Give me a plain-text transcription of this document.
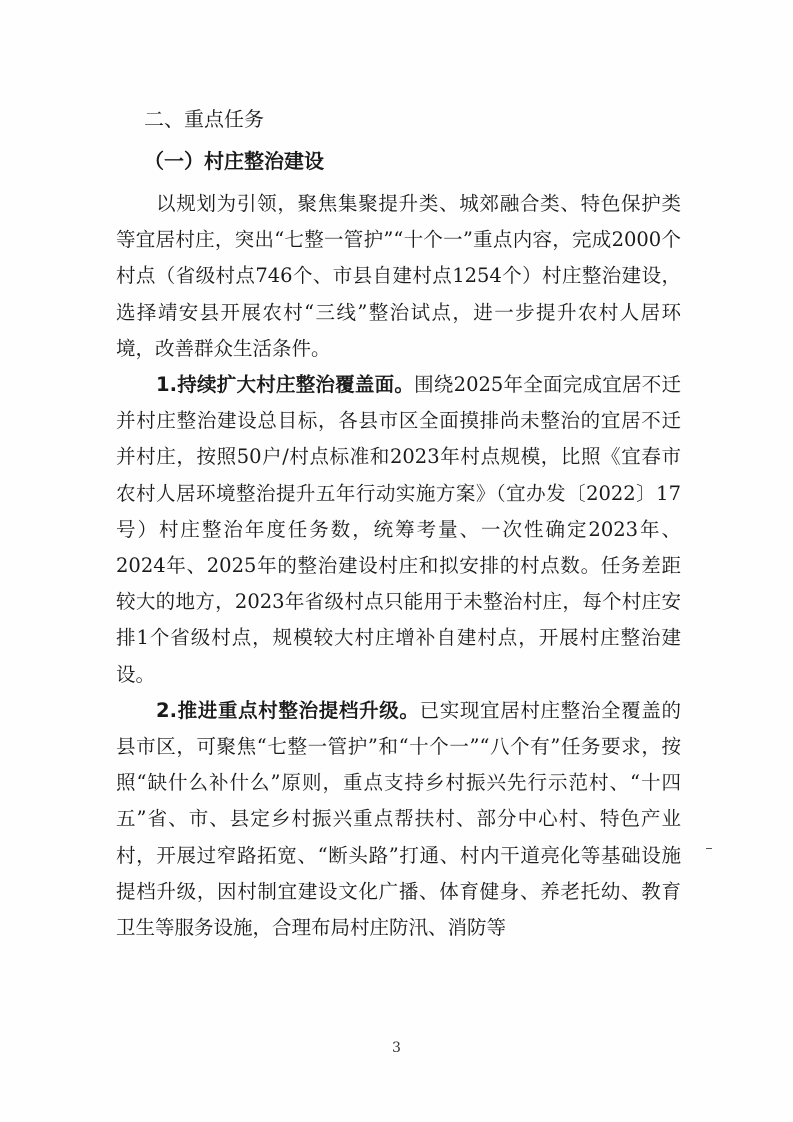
二、重点任务
（一）村庄整治建设

以规划为引领，聚焦集聚提升类、城郊融合类、特色保护类等宜居村庄，突出“七整一管护”“十个一”重点内容，完成2000个村点（省级村点746个、市县自建村点1254个）村庄整治建设，选择靖安县开展农村“三线”整治试点，进一步提升农村人居环境，改善群众生活条件。

1.持续扩大村庄整治覆盖面。围绕2025年全面完成宜居不迁并村庄整治建设总目标，各县市区全面摸排尚未整治的宜居不迁并村庄，按照50户/村点标准和2023年村点规模，比照《宜春市农村人居环境整治提升五年行动实施方案》（宜办发〔2022〕17号）村庄整治年度任务数，统筹考量、一次性确定2023年、2024年、2025年的整治建设村庄和拟安排的村点数。任务差距较大的地方，2023年省级村点只能用于未整治村庄，每个村庄安排1个省级村点，规模较大村庄增补自建村点，开展村庄整治建设。

2.推进重点村整治提档升级。已实现宜居村庄整治全覆盖的县市区，可聚焦“七整一管护”和“十个一”“八个有”任务要求，按照“缺什么补什么”原则，重点支持乡村振兴先行示范村、“十四五”省、市、县定乡村振兴重点帮扶村、部分中心村、特色产业村，开展过窄路拓宽、“断头路”打通、村内干道亮化等基础设施提档升级，因村制宜建设文化广播、体育健身、养老托幼、教育卫生等服务设施，合理布局村庄防汛、消防等

3
